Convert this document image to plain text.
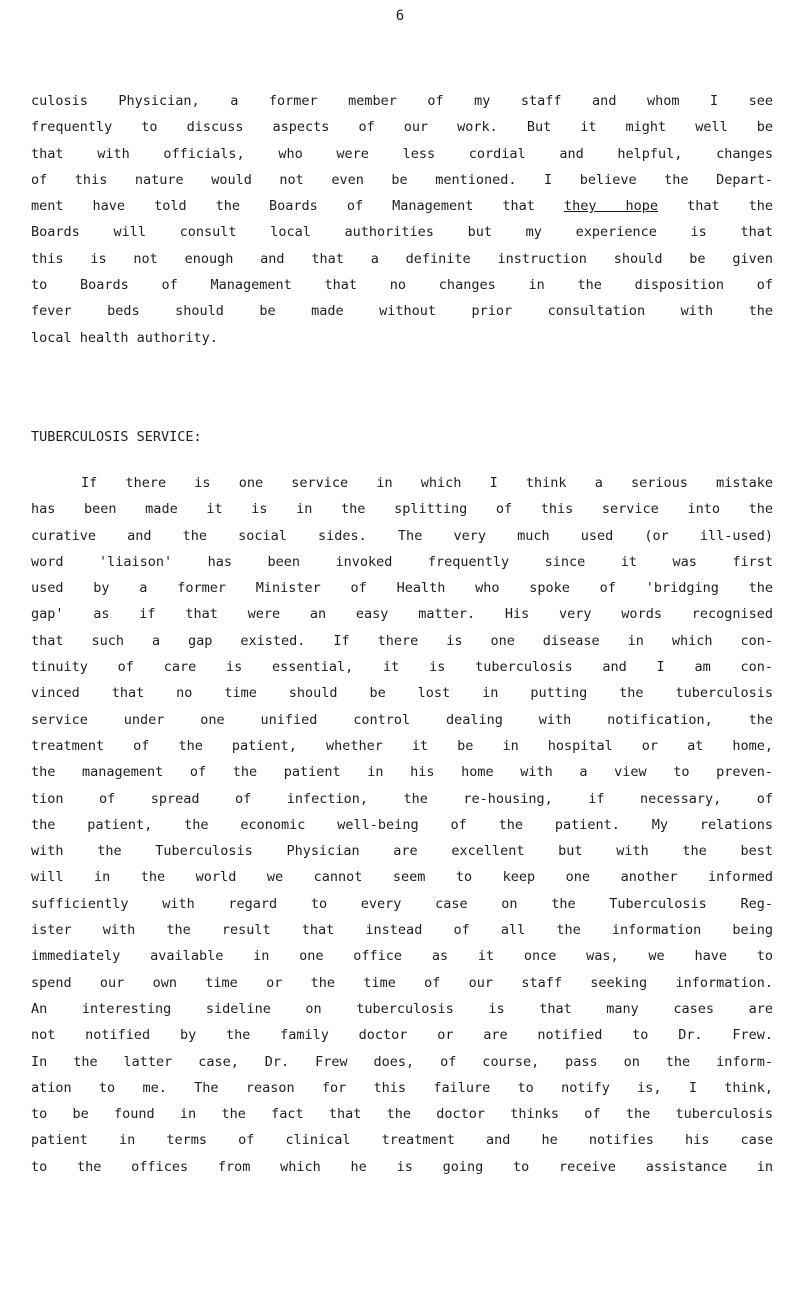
6
culosis Physician, a former member of my staff and whom I see
frequently to discuss aspects of our work. But it might well be
that with officials, who were less cordial and helpful, changes
of this nature would not even be mentioned. I believe the Depart-
ment have told the Boards of Management that they hope that the
Boards will consult local authorities but my experience is that
this is not enough and that a definite instruction should be given
to Boards of Management that no changes in the disposition of
fever beds should be made without prior consultation with the
local health authority.
TUBERCULOSIS SERVICE:
If there is one service in which I think a serious mistake
has been made it is in the splitting of this service into the
curative and the social sides. The very much used (or ill-used)
word 'liaison' has been invoked frequently since it was first
used by a former Minister of Health who spoke of 'bridging the
gap' as if that were an easy matter. His very words recognised
that such a gap existed. If there is one disease in which con-
tinuity of care is essential, it is tuberculosis and I am con-
vinced that no time should be lost in putting the tuberculosis
service under one unified control dealing with notification, the
treatment of the patient, whether it be in hospital or at home,
the management of the patient in his home with a view to preven-
tion of spread of infection, the re-housing, if necessary, of
the patient, the economic well-being of the patient. My relations
with the Tuberculosis Physician are excellent but with the best
will in the world we cannot seem to keep one another informed
sufficiently with regard to every case on the Tuberculosis Reg-
ister with the result that instead of all the information being
immediately available in one office as it once was, we have to
spend our own time or the time of our staff seeking information.
An interesting sideline on tuberculosis is that many cases are
not notified by the family doctor or are notified to Dr. Frew.
In the latter case, Dr. Frew does, of course, pass on the inform-
ation to me. The reason for this failure to notify is, I think,
to be found in the fact that the doctor thinks of the tuberculosis
patient in terms of clinical treatment and he notifies his case
to the offices from which he is going to receive assistance in
